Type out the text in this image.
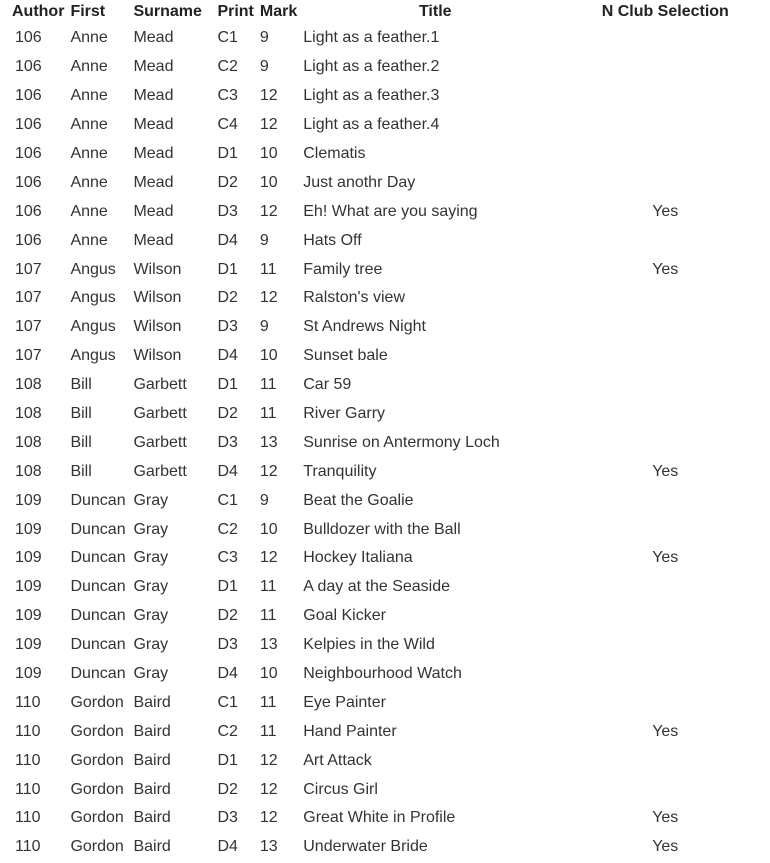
Author	First	Surname	Print	Mark	Title	N Club Selection
106	Anne	Mead	C1	9	Light as a feather.1	
106	Anne	Mead	C2	9	Light as a feather.2	
106	Anne	Mead	C3	12	Light as a feather.3	
106	Anne	Mead	C4	12	Light as a feather.4	
106	Anne	Mead	D1	10	Clematis	
106	Anne	Mead	D2	10	Just anothr Day	
106	Anne	Mead	D3	12	Eh! What are you saying	Yes
106	Anne	Mead	D4	9	Hats Off	
107	Angus	Wilson	D1	11	Family tree	Yes
107	Angus	Wilson	D2	12	Ralston's view	
107	Angus	Wilson	D3	9	St Andrews Night	
107	Angus	Wilson	D4	10	Sunset bale	
108	Bill	Garbett	D1	11	Car 59	
108	Bill	Garbett	D2	11	River Garry	
108	Bill	Garbett	D3	13	Sunrise on Antermony Loch	
108	Bill	Garbett	D4	12	Tranquility	Yes
109	Duncan	Gray	C1	9	Beat the Goalie	
109	Duncan	Gray	C2	10	Bulldozer with the Ball	
109	Duncan	Gray	C3	12	Hockey Italiana	Yes
109	Duncan	Gray	D1	11	A day at the Seaside	
109	Duncan	Gray	D2	11	Goal Kicker	
109	Duncan	Gray	D3	13	Kelpies in the Wild	
109	Duncan	Gray	D4	10	Neighbourhood Watch	
110	Gordon	Baird	C1	11	Eye Painter	
110	Gordon	Baird	C2	11	Hand Painter	Yes
110	Gordon	Baird	D1	12	Art Attack	
110	Gordon	Baird	D2	12	Circus Girl	
110	Gordon	Baird	D3	12	Great White in Profile	Yes
110	Gordon	Baird	D4	13	Underwater Bride	Yes
